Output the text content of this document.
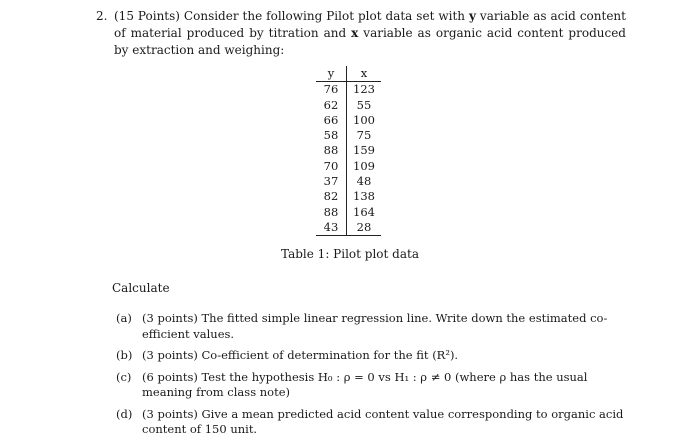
2. (15 Points) Consider the following Pilot plot data set with y variable as acid content of material produced by titration and x variable as organic acid content produced by extraction and weighing:
y	x
76	123
62	55
66	100
58	75
88	159
70	109
37	48
82	138
88	164
43	28
Table 1: Pilot plot data
Calculate
(a) (3 points) The fitted simple linear regression line. Write down the estimated co-efficient values.
(b) (3 points) Co-efficient of determination for the fit (R²).
(c) (6 points) Test the hypothesis H₀ : ρ = 0 vs H₁ : ρ ≠ 0 (where ρ has the usual meaning from class note)
(d) (3 points) Give a mean predicted acid content value corresponding to organic acid content of 150 unit.
